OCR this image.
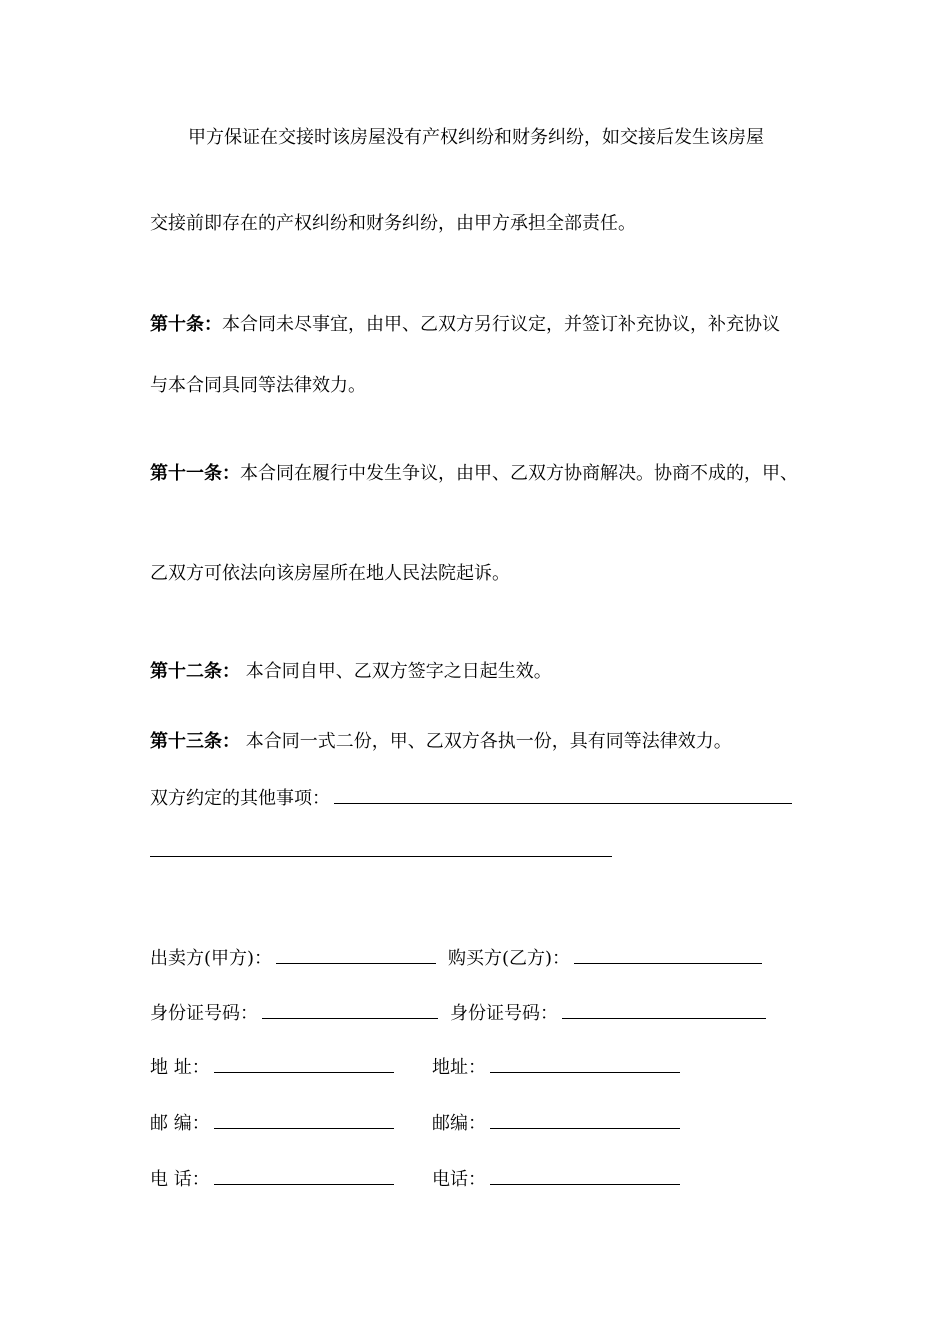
甲方保证在交接时该房屋没有产权纠纷和财务纠纷，如交接后发生该房屋
交接前即存在的产权纠纷和财务纠纷，由甲方承担全部责任。
第十条：本合同未尽事宜，由甲、乙双方另行议定，并签订补充协议，补充协议
与本合同具同等法律效力。
第十一条：本合同在履行中发生争议，由甲、乙双方协商解决。协商不成的，甲、
乙双方可依法向该房屋所在地人民法院起诉。
第十二条： 本合同自甲、乙双方签字之日起生效。
第十三条： 本合同一式二份，甲、乙双方各执一份，具有同等法律效力。
双方约定的其他事项：
出卖方(甲方)：	购买方(乙方)：
身份证号码：	身份证号码：
地 址：	地址：
邮 编：	邮编：
电 话：	电话：
